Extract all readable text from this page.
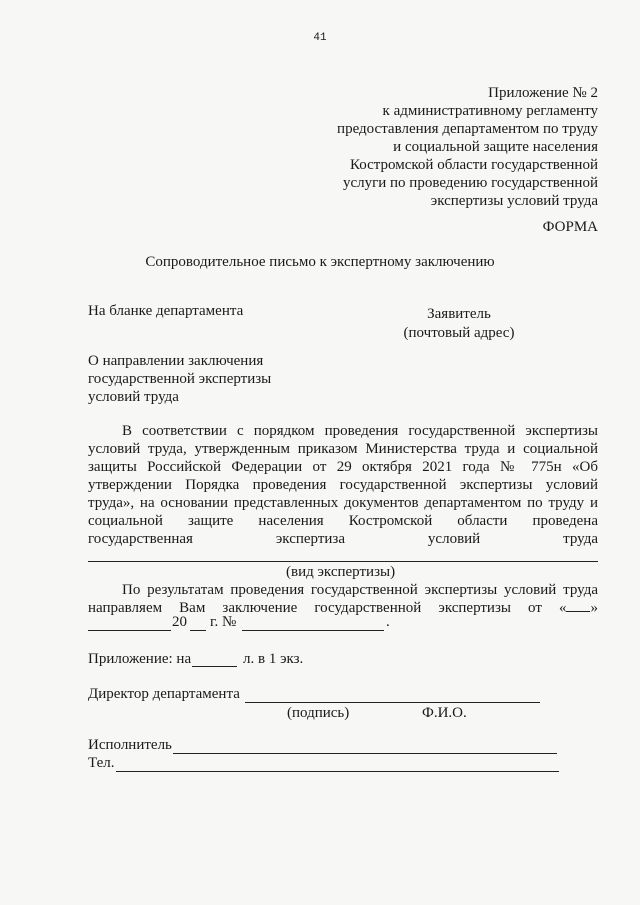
41
Приложение № 2
к административному регламенту
предоставления департаментом по труду
и социальной защите населения
Костромской области государственной
услуги по проведению государственной
экспертизы условий труда
ФОРМА
Сопроводительное письмо к экспертному заключению
На бланке департамента	Заявитель
(почтовый адрес)
О направлении заключения
государственной экспертизы
условий труда
В соответствии с порядком проведения государственной экспертизы
условий труда, утвержденным приказом Министерства труда и социальной
защиты Российской Федерации от 29 октября 2021 года № 775н «Об
утверждении Порядка проведения государственной экспертизы условий
труда», на основании представленных документов департаментом по труду и
социальной защите населения Костромской области проведена
государственная	экспертиза	условий	труда
(вид экспертизы)
По результатам проведения государственной экспертизы условий труда
направляем Вам заключение государственной экспертизы от « »
20 г. №	.
Приложение: на	л. в 1 экз.
Директор департамента
(подпись)	Ф.И.О.
Исполнитель
Тел.
